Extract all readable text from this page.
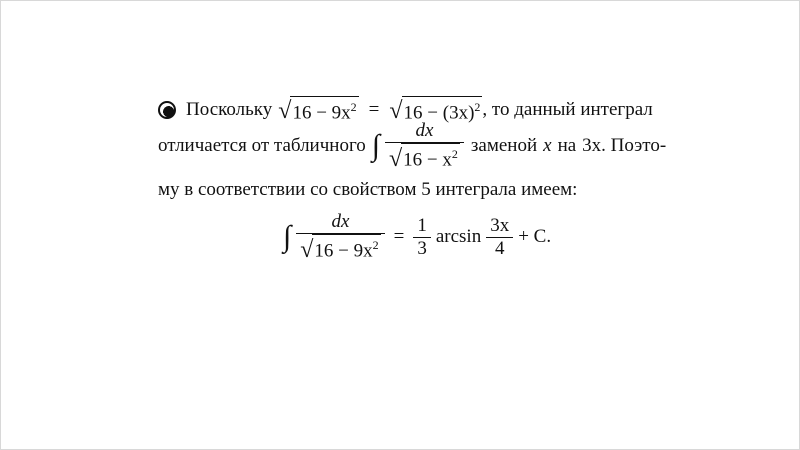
Поскольку √ $16 - 9x^2$ = √ $16 - (3x)^2$ , то данный интеграл
отличается от табличного ∫ $\frac{dx}{√ 16 - x^2}$ заменой x на 3x . Поэто-
му в соответствии со свойством 5 интеграла имеем:
∫ $\frac{dx}{√ 16 - 9x^2} = \frac{1}{3}$ $\arcsin \frac{3x}{4} + C$.
